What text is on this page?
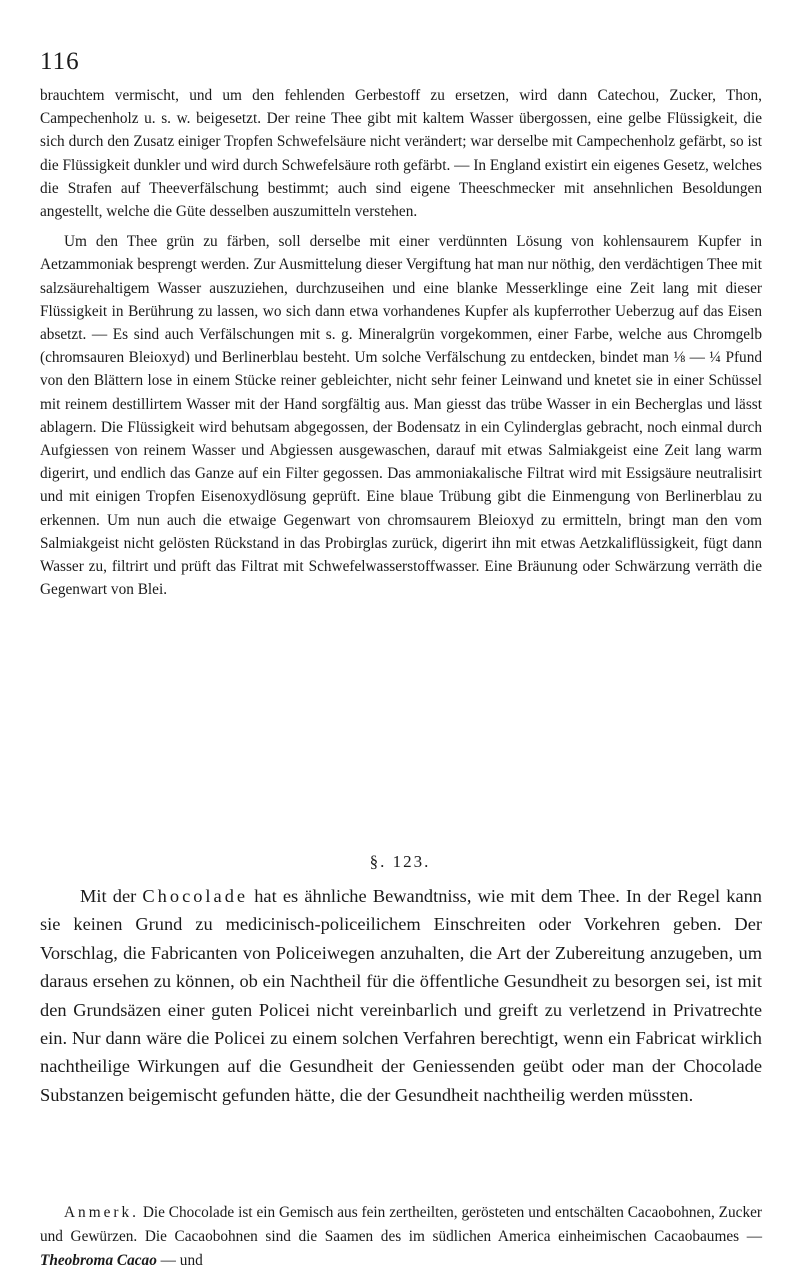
116

brauchtem vermischt, und um den fehlenden Gerbestoff zu ersetzen, wird dann Catechou, Zucker, Thon, Campechenholz u. s. w. beigesetzt. Der reine Thee gibt mit kaltem Wasser übergossen, eine gelbe Flüssigkeit, die sich durch den Zusatz einiger Tropfen Schwefelsäure nicht verändert; war derselbe mit Campechenholz gefärbt, so ist die Flüssigkeit dunkler und wird durch Schwefelsäure roth gefärbt. — In England existirt ein eigenes Gesetz, welches die Strafen auf Theeverfälschung bestimmt; auch sind eigene Theeschmecker mit ansehnlichen Besoldungen angestellt, welche die Güte desselben auszumitteln verstehen.

Um den Thee grün zu färben, soll derselbe mit einer verdünnten Lösung von kohlensaurem Kupfer in Aetzammoniak besprengt werden. Zur Ausmittelung dieser Vergiftung hat man nur nöthig, den verdächtigen Thee mit salzsäurehaltigem Wasser auszuziehen, durchzuseihen und eine blanke Messerklinge eine Zeit lang mit dieser Flüssigkeit in Berührung zu lassen, wo sich dann etwa vorhandenes Kupfer als kupferrother Ueberzug auf das Eisen absetzt. — Es sind auch Verfälschungen mit s. g. Mineralgrün vorgekommen, einer Farbe, welche aus Chromgelb (chromsauren Bleioxyd) und Berlinerblau besteht. Um solche Verfälschung zu entdecken, bindet man ⅛ — ¼ Pfund von den Blättern lose in einem Stücke reiner gebleichter, nicht sehr feiner Leinwand und knetet sie in einer Schüssel mit reinem destillirtem Wasser mit der Hand sorgfältig aus. Man giesst das trübe Wasser in ein Becherglas und lässt ablagern. Die Flüssigkeit wird behutsam abgegossen, der Bodensatz in ein Cylinderglas gebracht, noch einmal durch Aufgiessen von reinem Wasser und Abgiessen ausgewaschen, darauf mit etwas Salmiakgeist eine Zeit lang warm digerirt, und endlich das Ganze auf ein Filter gegossen. Das ammoniakalische Filtrat wird mit Essigsäure neutralisirt und mit einigen Tropfen Eisenoxydlösung geprüft. Eine blaue Trübung gibt die Einmengung von Berlinerblau zu erkennen. Um nun auch die etwaige Gegenwart von chromsaurem Bleioxyd zu ermitteln, bringt man den vom Salmiakgeist nicht gelösten Rückstand in das Probirglas zurück, digerirt ihn mit etwas Aetzkaliflüssigkeit, fügt dann Wasser zu, filtrirt und prüft das Filtrat mit Schwefelwasserstoffwasser. Eine Bräunung oder Schwärzung verräth die Gegenwart von Blei.

§. 123.

Mit der Chocolade hat es ähnliche Bewandtniss, wie mit dem Thee. In der Regel kann sie keinen Grund zu medicinisch-policeilichem Einschreiten oder Vorkehren geben. Der Vorschlag, die Fabricanten von Policeiwegen anzuhalten, die Art der Zubereitung anzugeben, um daraus ersehen zu können, ob ein Nachtheil für die öffentliche Gesundheit zu besorgen sei, ist mit den Grundsäzen einer guten Policei nicht vereinbarlich und greift zu verletzend in Privatrechte ein. Nur dann wäre die Policei zu einem solchen Verfahren berechtigt, wenn ein Fabricat wirklich nachtheilige Wirkungen auf die Gesundheit der Geniessenden geübt oder man der Chocolade Substanzen beigemischt gefunden hätte, die der Gesundheit nachtheilig werden müssten.

Anmerk. Die Chocolade ist ein Gemisch aus fein zertheilten, gerösteten und entschälten Cacaobohnen, Zucker und Gewürzen. Die Cacaobohnen sind die Saamen des im südlichen America einheimischen Cacaobaumes — Theobroma Cacao — und
